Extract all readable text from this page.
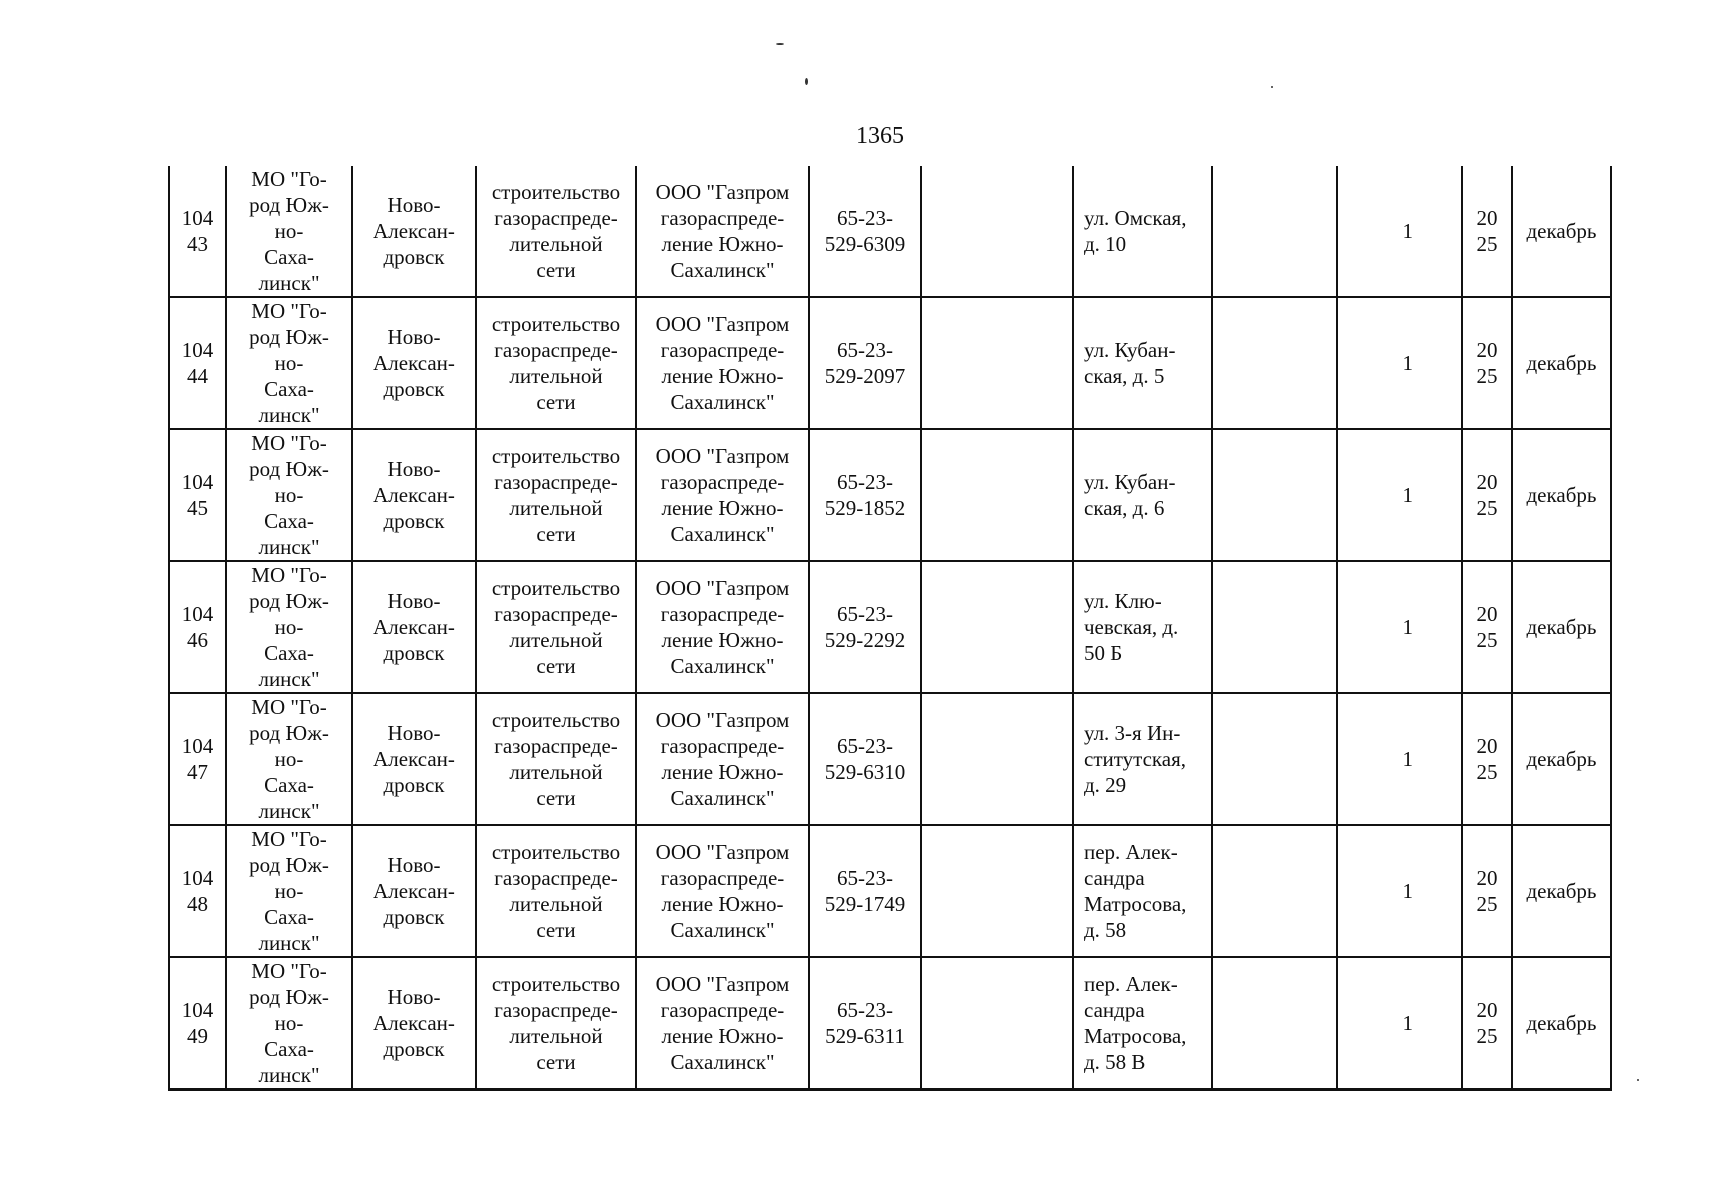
1365
104
43	МО "Го-
род Юж-
но-
Саха-
линск"	Ново-
Алексан-
дровск	строительство
газораспреде-
лительной
сети	ООО "Газпром
газораспреде-
ление Южно-
Сахалинск"	65-23-
529-6309		ул. Омская,
д. 10		1	20
25	декабрь
104
44	МО "Го-
род Юж-
но-
Саха-
линск"	Ново-
Алексан-
дровск	строительство
газораспреде-
лительной
сети	ООО "Газпром
газораспреде-
ление Южно-
Сахалинск"	65-23-
529-2097		ул. Кубан-
ская, д. 5		1	20
25	декабрь
104
45	МО "Го-
род Юж-
но-
Саха-
линск"	Ново-
Алексан-
дровск	строительство
газораспреде-
лительной
сети	ООО "Газпром
газораспреде-
ление Южно-
Сахалинск"	65-23-
529-1852		ул. Кубан-
ская, д. 6		1	20
25	декабрь
104
46	МО "Го-
род Юж-
но-
Саха-
линск"	Ново-
Алексан-
дровск	строительство
газораспреде-
лительной
сети	ООО "Газпром
газораспреде-
ление Южно-
Сахалинск"	65-23-
529-2292		ул. Клю-
чевская, д.
50 Б		1	20
25	декабрь
104
47	МО "Го-
род Юж-
но-
Саха-
линск"	Ново-
Алексан-
дровск	строительство
газораспреде-
лительной
сети	ООО "Газпром
газораспреде-
ление Южно-
Сахалинск"	65-23-
529-6310		ул. 3-я Ин-
ститутская,
д. 29		1	20
25	декабрь
104
48	МО "Го-
род Юж-
но-
Саха-
линск"	Ново-
Алексан-
дровск	строительство
газораспреде-
лительной
сети	ООО "Газпром
газораспреде-
ление Южно-
Сахалинск"	65-23-
529-1749		пер. Алек-
сандра
Матросова,
д. 58		1	20
25	декабрь
104
49	МО "Го-
род Юж-
но-
Саха-
линск"	Ново-
Алексан-
дровск	строительство
газораспреде-
лительной
сети	ООО "Газпром
газораспреде-
ление Южно-
Сахалинск"	65-23-
529-6311		пер. Алек-
сандра
Матросова,
д. 58 В		1	20
25	декабрь
